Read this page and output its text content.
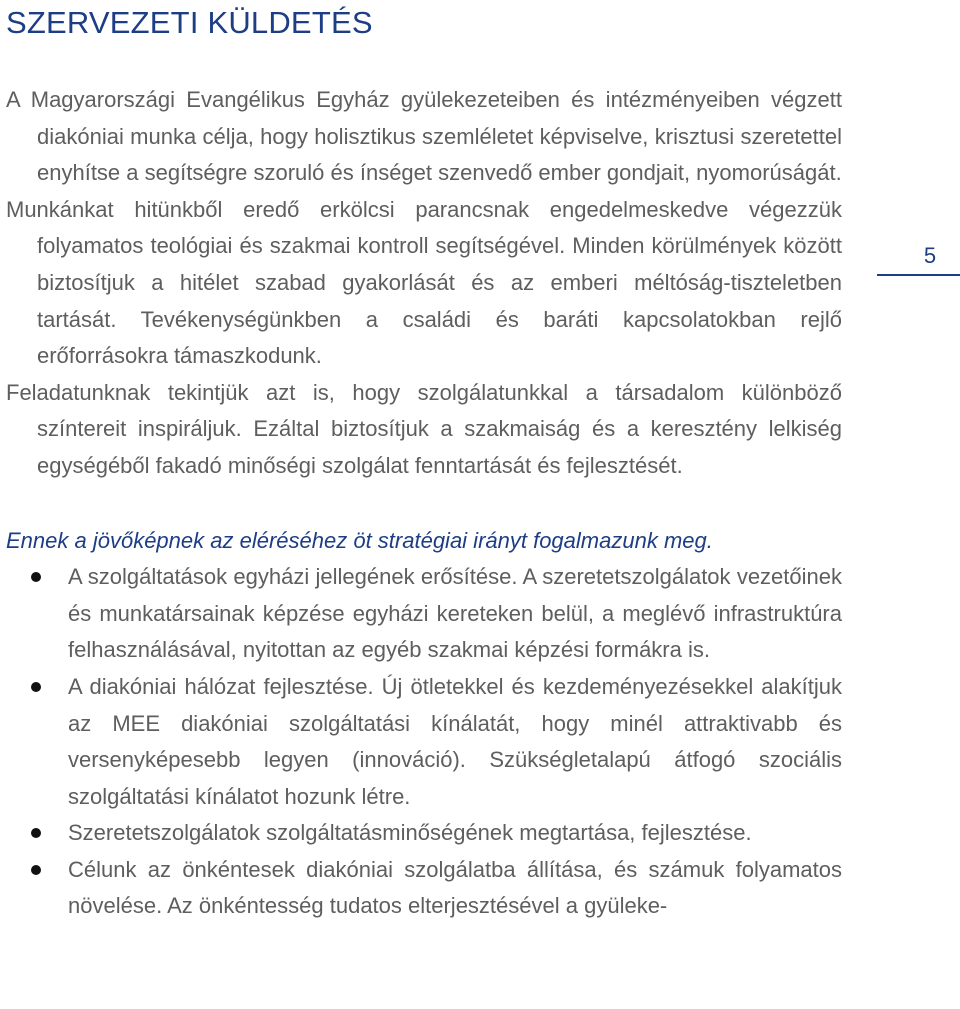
SZERVEZETI KÜLDETÉS

A Magyarországi Evangélikus Egyház gyülekezeteiben és intézményeiben végzett diakóniai munka célja, hogy holisztikus szemléletet képviselve, krisztusi szeretettel enyhítse a segítségre szoruló és ínséget szenvedő ember gondjait, nyomorúságát.

Munkánkat hitünkből eredő erkölcsi parancsnak engedelmeskedve végezzük folyamatos teológiai és szakmai kontroll segítségével. Minden körülmények között biztosítjuk a hitélet szabad gyakorlását és az emberi méltóság-tiszteletben tartását. Tevékenységünkben a családi és baráti kapcsolatokban rejlő erőforrásokra támaszkodunk.

Feladatunknak tekintjük azt is, hogy szolgálatunkkal a társadalom különböző színtereit inspiráljuk. Ezáltal biztosítjuk a szakmaiság és a keresztény lelkiség egységéből fakadó minőségi szolgálat fenntartását és fejlesztését.

Ennek a jövőképnek az eléréséhez öt stratégiai irányt fogalmazunk meg.

A szolgáltatások egyházi jellegének erősítése. A szeretetszolgálatok vezetőinek és munkatársainak képzése egyházi kereteken belül, a meglévő infrastruktúra felhasználásával, nyitottan az egyéb szakmai képzési formákra is.
A diakóniai hálózat fejlesztése. Új ötletekkel és kezdeményezésekkel alakítjuk az MEE diakóniai szolgáltatási kínálatát, hogy minél attraktivabb és versenyképesebb legyen (innováció). Szükségletalapú átfogó szociális szolgáltatási kínálatot hozunk létre.
Szeretetszolgálatok szolgáltatásminőségének megtartása, fejlesztése.
Célunk az önkéntesek diakóniai szolgálatba állítása, és számuk folyamatos növelése. Az önkéntesség tudatos elterjesztésével a gyüleke-
5
